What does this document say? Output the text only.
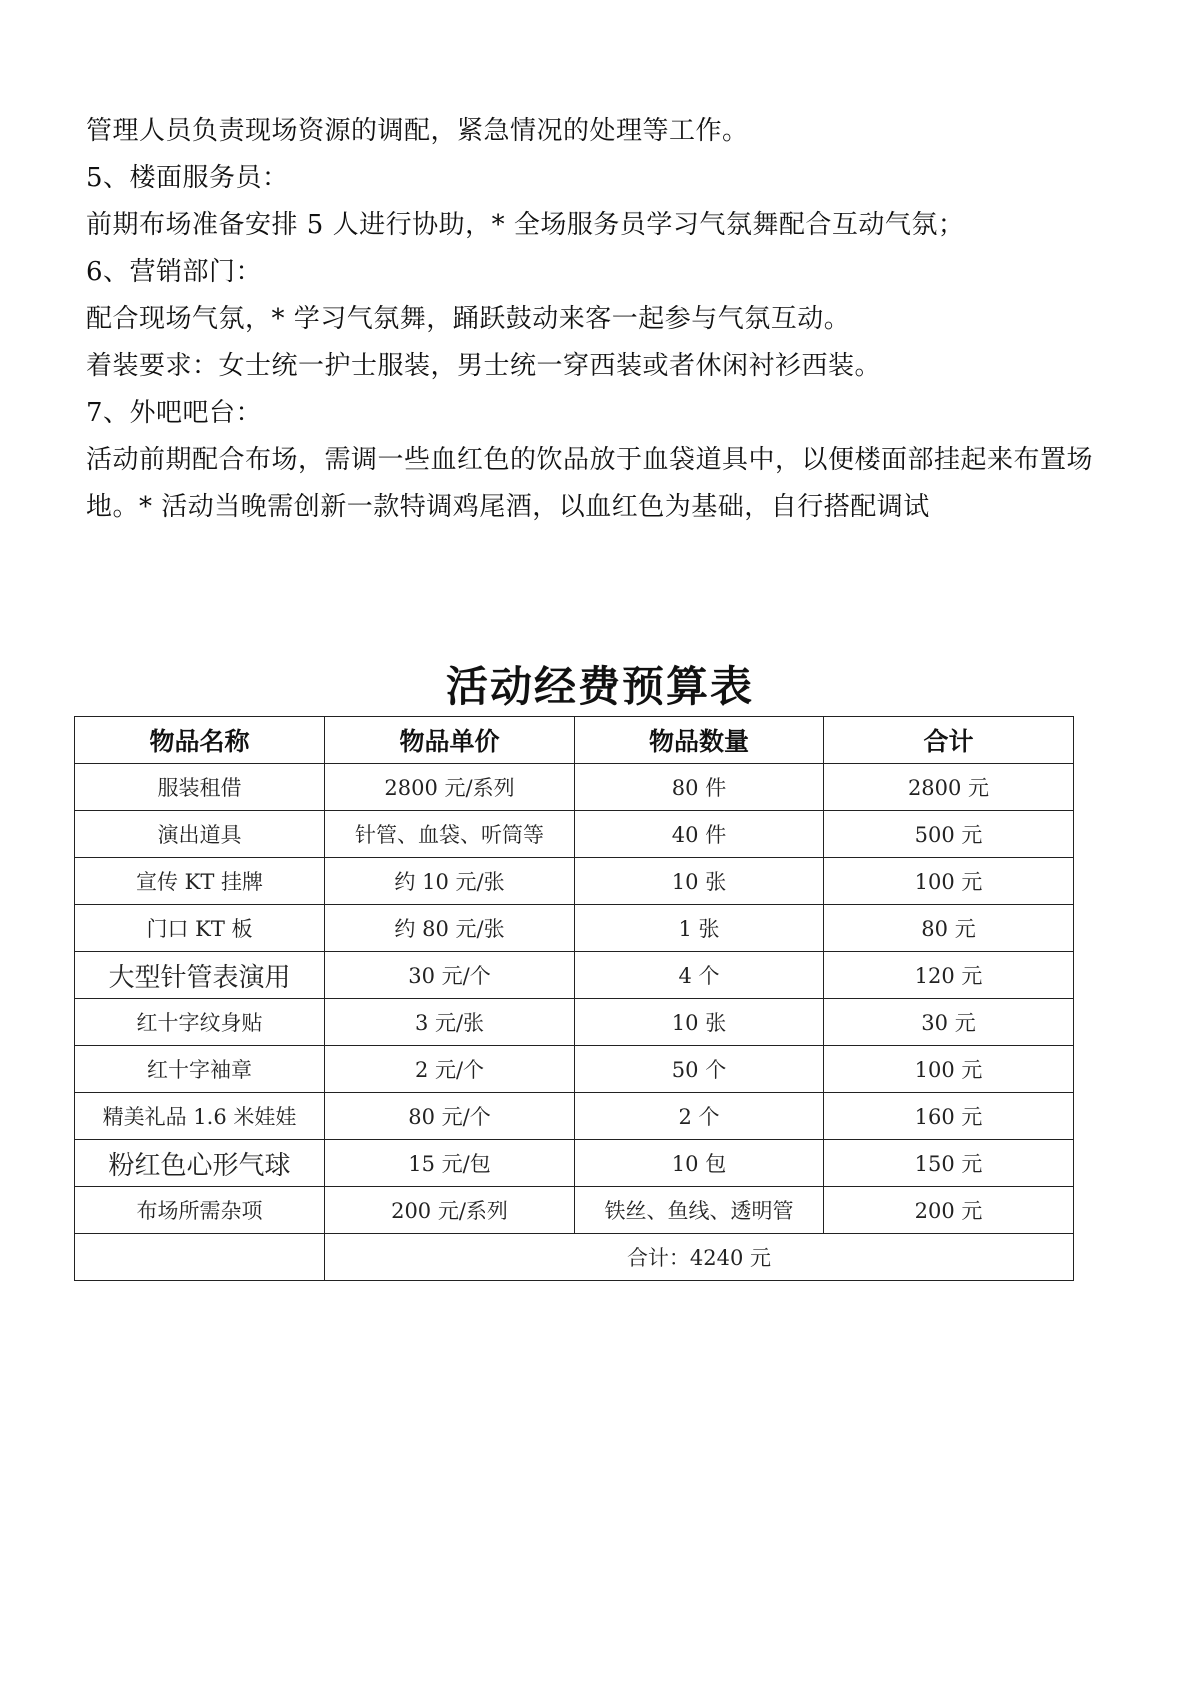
管理人员负责现场资源的调配，紧急情况的处理等工作。

5、楼面服务员：

前期布场准备安排 5 人进行协助，* 全场服务员学习气氛舞配合互动气氛；

6、营销部门：

配合现场气氛，* 学习气氛舞，踊跃鼓动来客一起参与气氛互动。

着装要求：女士统一护士服装，男士统一穿西装或者休闲衬衫西装。

7、外吧吧台：

活动前期配合布场，需调一些血红色的饮品放于血袋道具中，以便楼面部挂起来布置场地。* 活动当晚需创新一款特调鸡尾酒，以血红色为基础，自行搭配调试

活动经费预算表
物品名称	物品单价	物品数量	合计
服装租借	2800 元/系列	80 件	2800 元
演出道具	针管、血袋、听筒等	40 件	500 元
宣传 KT 挂牌	约 10 元/张	10 张	100 元
门口 KT 板	约 80 元/张	1 张	80 元
大型针管表演用	30 元/个	4 个	120 元
红十字纹身贴	3 元/张	10 张	30 元
红十字袖章	2 元/个	50 个	100 元
精美礼品 1.6 米娃娃	80 元/个	2 个	160 元
粉红色心形气球	15 元/包	10 包	150 元
布场所需杂项	200 元/系列	铁丝、鱼线、透明管	200 元
	合计：4240 元		
